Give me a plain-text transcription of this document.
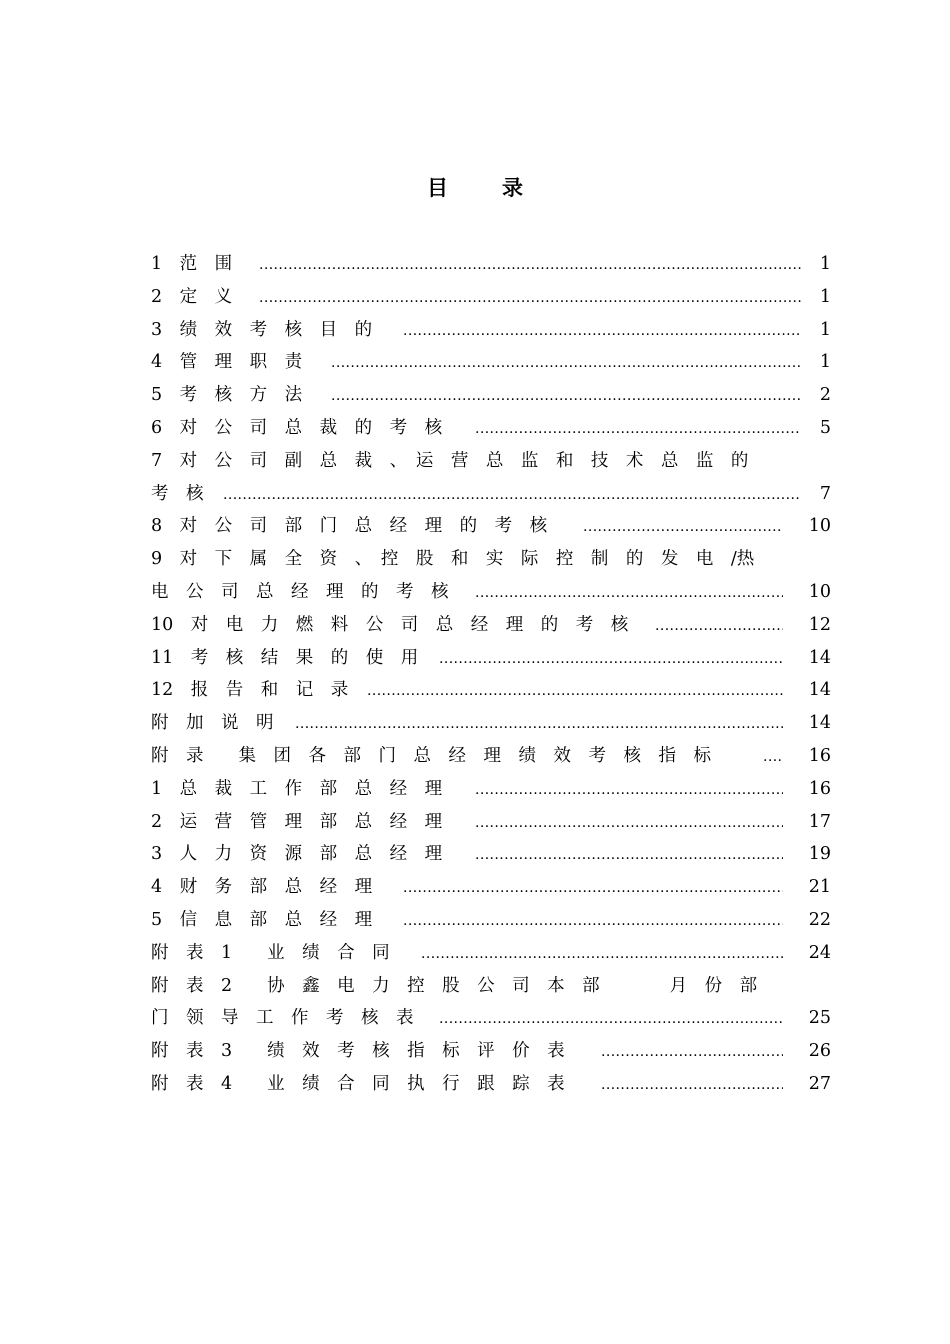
目	录
1　范　围 .....	1
2　定　义 .....	1
3　绩　效　考　核　目　的 .....	1
4　管　理　职　责 .....	1
5　考　核　方　法 .....	2
6　对　公　司　总　裁　的　考　核 .....	5
7　对　公　司　副　总　裁　、　运　营　总　监　和　技　术　总　监　的
考　核 .....	7
8　对　公　司　部　门　总　经　理　的　考　核 .....	10
9　对　下　属　全　资　、　控　股　和　实　际　控　制　的　发　电　/热
电　公　司　总　经　理　的　考　核 .....	10
10　对　电　力　燃　料　公　司　总　经　理　的　考　核 .....	12
11　考　核　结　果　的　使　用 .....	14
12　报　告　和　记　录 .....	14
附　加　说　明 .....	14
附　录　　集　团　各　部　门　总　经　理　绩　效　考　核　指　标 .....	16
1　总　裁　工　作　部　总　经　理 .....	16
2　运　营　管　理　部　总　经　理 .....	17
3　人　力　资　源　部　总　经　理 .....	19
4　财　务　部　总　经　理 .....	21
5　信　息　部　总　经　理 .....	22
附　表　1　　业　绩　合　同 .....	24
附　表　2　　协　鑫　电　力　控　股　公　司　本　部　　　　月　份　部
门　领　导　工　作　考　核　表 .....	25
附　表　3　　绩　效　考　核　指　标　评　价　表 .....	26
附　表　4　　业　绩　合　同　执　行　跟　踪　表 .....	27
